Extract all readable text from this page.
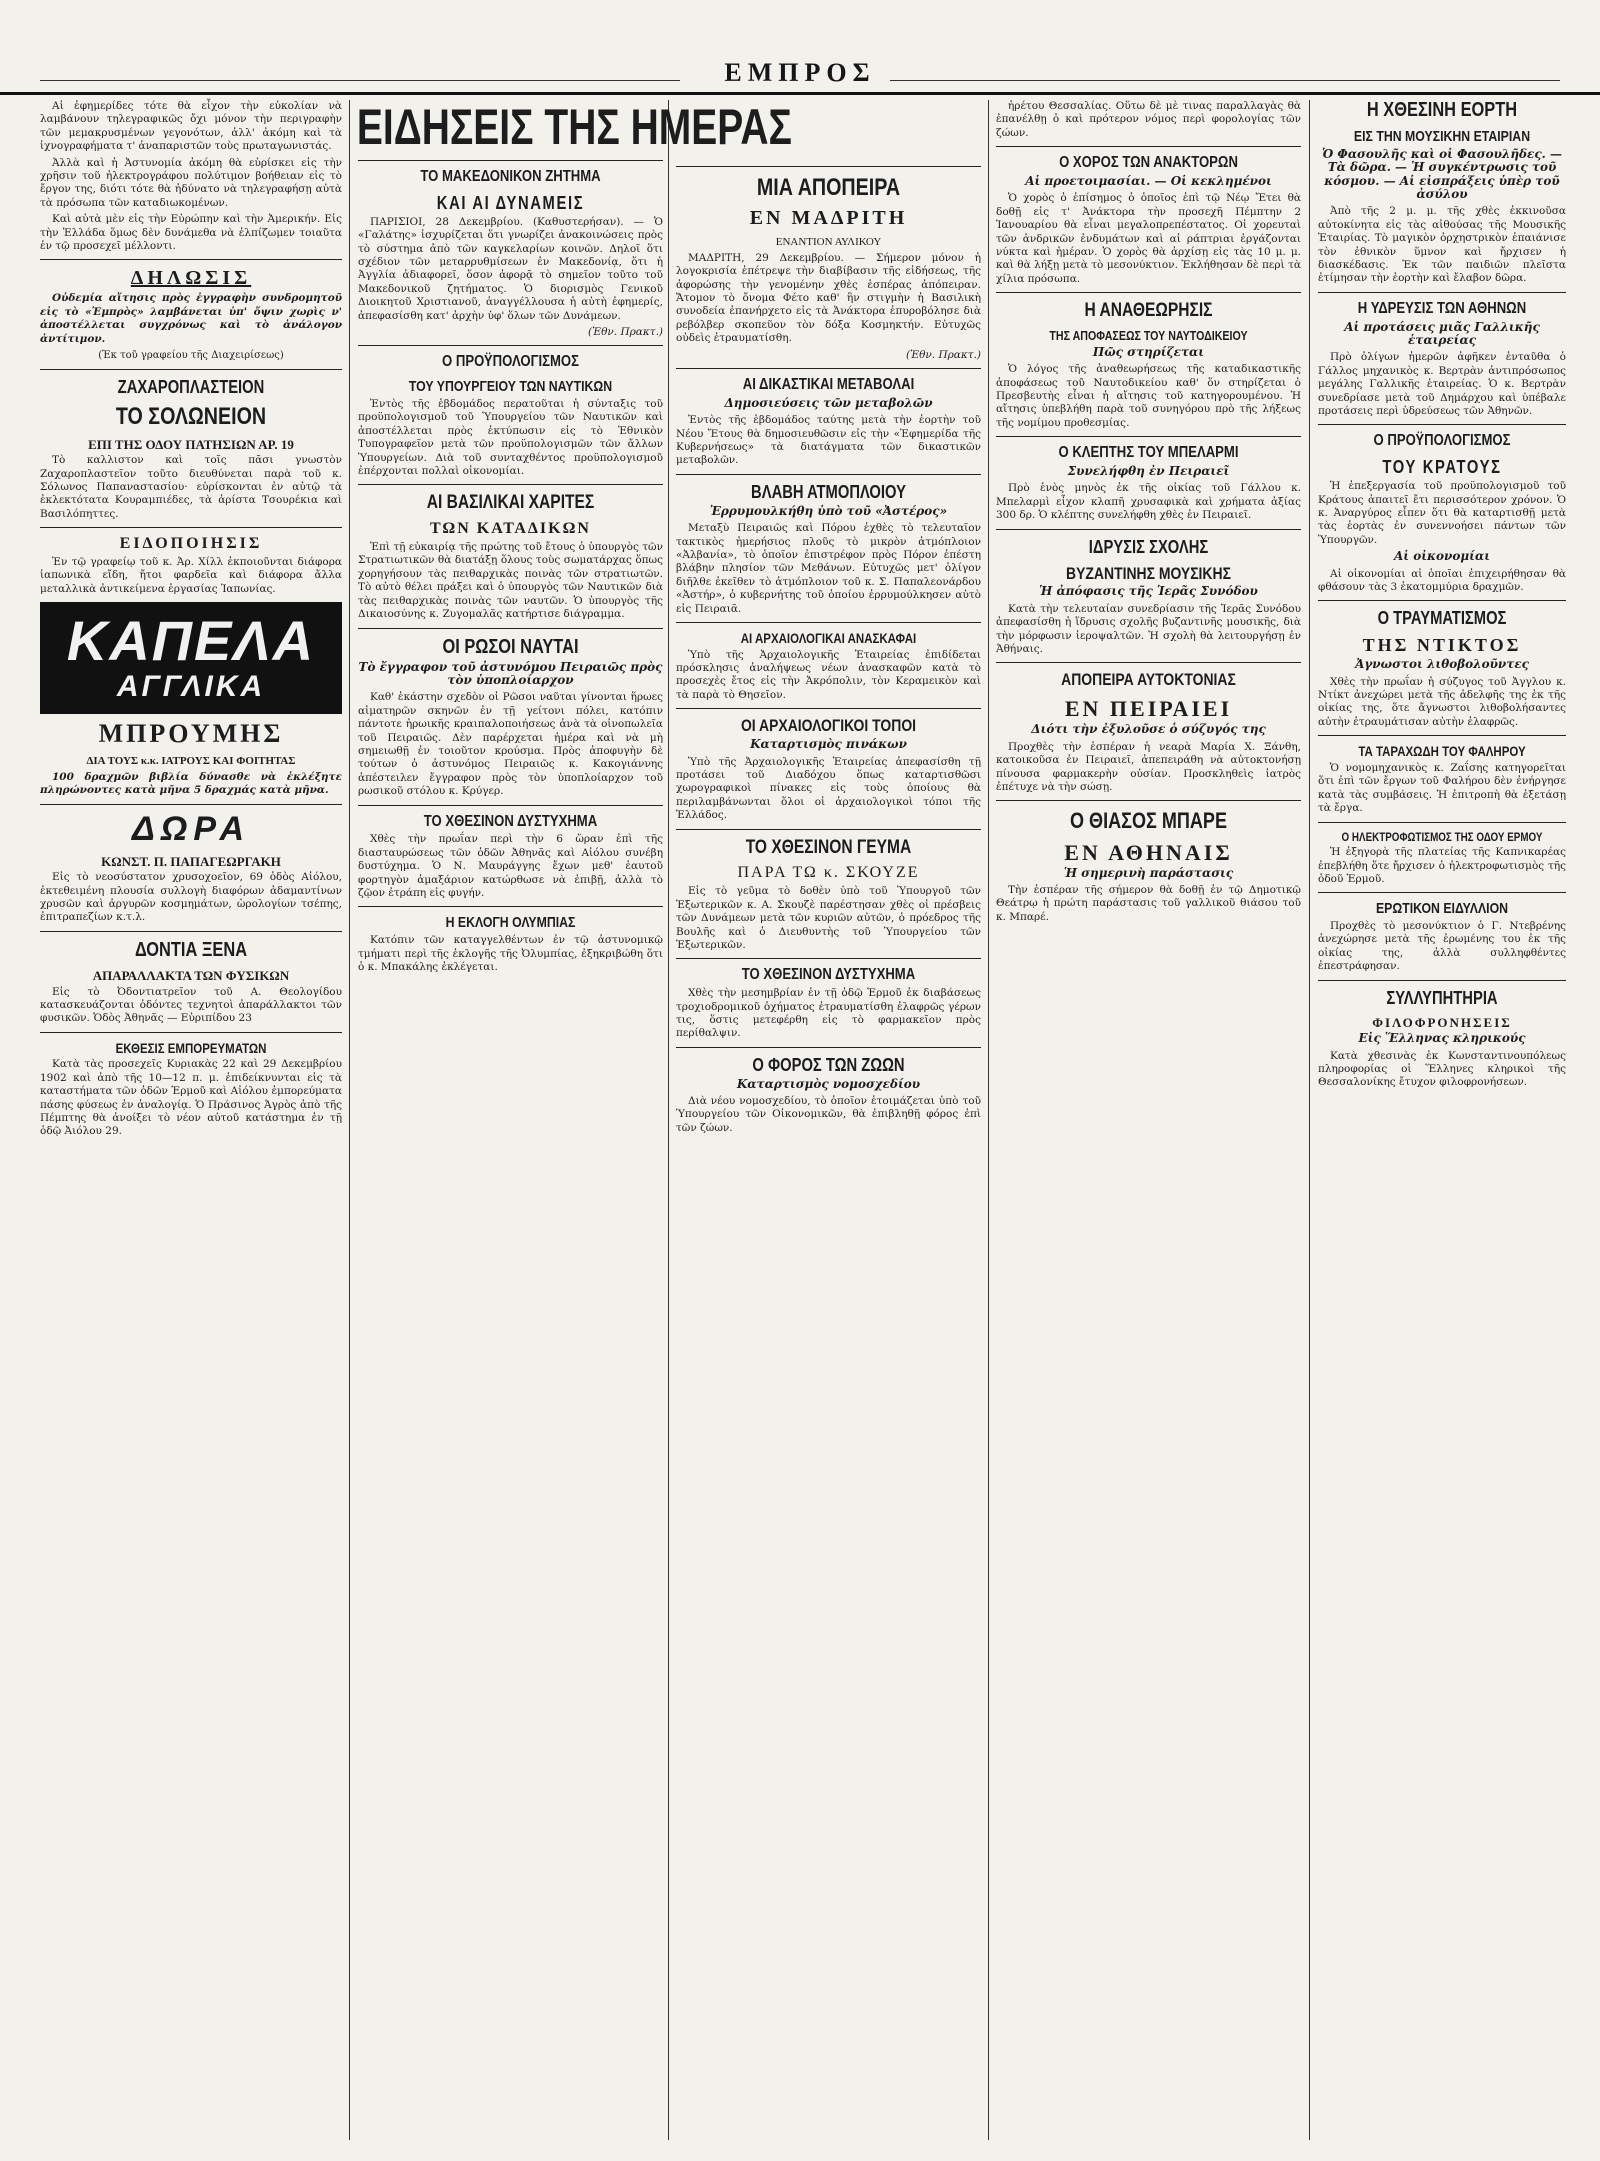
ΕΜΠΡΟΣ

Αἱ ἐφημερίδες τότε θὰ εἶχον τὴν εὐκολίαν νὰ λαμβάνουν τηλεγραφικῶς ὄχι μόνον τὴν περιγραφὴν τῶν μεμακρυσμένων γεγονότων, ἀλλ' ἀκόμη καὶ τὰ ἰχνογραφήματα τ' ἀναπαριστῶν τοὺς πρωταγωνιστάς.

Ἀλλὰ καὶ ἡ Ἀστυνομία ἀκόμη θὰ εὑρίσκει εἰς τὴν χρῆσιν τοῦ ἠλεκτρογράφου πολύτιμον βοήθειαν εἰς τὸ ἔργον της, διότι τότε θὰ ἠδύνατο νὰ τηλεγραφήσῃ αὐτὰ τὰ πρόσωπα τῶν καταδιωκομένων.

Καὶ αὐτὰ μὲν εἰς τὴν Εὐρώπην καὶ τὴν Ἀμερικήν. Εἰς τὴν Ἑλλάδα ὅμως δὲν δυνάμεθα νὰ ἐλπίζωμεν τοιαῦτα ἐν τῷ προσεχεῖ μέλλοντι.

ΔΗΛΩΣΙΣ

Οὐδεμία αἴτησις πρὸς ἐγγραφὴν συνδρομητοῦ εἰς τὸ «Ἐμπρὸς» λαμβάνεται ὑπ' ὄψιν χωρὶς ν' ἀποστέλλεται συγχρόνως καὶ τὸ ἀνάλογον ἀντίτιμον.

(Ἐκ τοῦ γραφείου τῆς Διαχειρίσεως)
ΖΑΧΑΡΟΠΛΑΣΤΕΙΟΝ
ΤΟ ΣΟΛΩΝΕΙΟΝ
ΕΠΙ ΤΗΣ ΟΔΟΥ ΠΑΤΗΣΙΩΝ ΑΡ. 19

Τὸ καλλιστον καὶ τοῖς πᾶσι γνωστὸν Ζαχαροπλαστεῖον τοῦτο διευθύνεται παρὰ τοῦ κ. Σόλωνος Παπαναστασίου· εὑρίσκονται ἐν αὐτῷ τὰ ἐκλεκτότατα Κουραμπιέδες, τὰ ἀρίστα Τσουρέκια καὶ Βασιλόπηττες.

ΕΙΔΟΠΟΙΗΣΙΣ

Ἐν τῷ γραφείῳ τοῦ κ. Ἀρ. Χίλλ ἐκποιοῦνται διάφορα ἰαπωνικὰ εἴδη, ἤτοι φαρδεῖα καὶ διάφορα ἄλλα μεταλλικὰ ἀντικείμενα ἐργασίας Ἰαπωνίας.

ΚΑΠΕΛΑ
ΑΓΓΛΙΚΑ
ΜΠΡΟΥΜΗΣ
ΔΙΑ ΤΟΥΣ κ.κ. ΙΑΤΡΟΥΣ ΚΑΙ ΦΟΙΤΗΤΑΣ

100 δραχμῶν βιβλία δύνασθε νὰ ἐκλέξητε πληρώνοντες κατὰ μῆνα 5 δραχμάς κατὰ μῆνα.

ΔΩΡΑ
ΚΩΝΣΤ. Π. ΠΑΠΑΓΕΩΡΓΑΚΗ

Εἰς τὸ νεοσύστατον χρυσοχοεῖον, 69 ὁδὸς Αἰόλου, ἐκτεθειμένη πλουσία συλλογὴ διαφόρων ἀδαμαντίνων χρυσῶν καὶ ἀργυρῶν κοσμημάτων, ὡρολογίων τσέπης, ἐπιτραπεζίων κ.τ.λ.

ΔΟΝΤΙΑ ΞΕΝΑ
ΑΠΑΡΑΛΛΑΚΤΑ ΤΩΝ ΦΥΣΙΚΩΝ

Εἰς τὸ Ὀδοντιατρεῖον τοῦ Α. Θεολογίδου κατασκευάζονται ὀδόντες τεχνητοὶ ἀπαράλλακτοι τῶν φυσικῶν. Ὁδὸς Ἀθηνᾶς — Εὐριπίδου 23

ΕΚΘΕΣΙΣ ΕΜΠΟΡΕΥΜΑΤΩΝ

Κατὰ τὰς προσεχεῖς Κυριακὰς 22 καὶ 29 Δεκεμβρίου 1902 καὶ ἀπὸ τῆς 10—12 π. μ. ἐπιδείκνυνται εἰς τὰ καταστήματα τῶν ὁδῶν Ἑρμοῦ καὶ Αἰόλου ἐμπορεύματα πάσης φύσεως ἐν ἀναλογίᾳ. Ὁ Πράσινος Ἀγρὸς ἀπὸ τῆς Πέμπτης θὰ ἀνοίξει τὸ νέον αὐτοῦ κατάστημα ἐν τῇ ὁδῷ Ἀιόλου 29.

ΕΙΔΗΣΕΙΣ ΤΗΣ ΗΜΕΡΑΣ
ΤΟ ΜΑΚΕΔΟΝΙΚΟΝ ΖΗΤΗΜΑ
ΚΑΙ ΑΙ ΔΥΝΑΜΕΙΣ

ΠΑΡΙΣΙΟΙ, 28 Δεκεμβρίου. (Καθυστερήσαν). — Ὁ «Γαλάτης» ἰσχυρίζεται ὅτι γνωρίζει ἀνακοινώσεις πρὸς τὸ σύστημα ἀπὸ τῶν καγκελαρίων κοινῶν. Δηλοῖ ὅτι σχέδιον τῶν μεταρρυθμίσεων ἐν Μακεδονίᾳ, ὅτι ἡ Ἀγγλία ἀδιαφορεῖ, ὅσον ἀφορᾷ τὸ σημεῖον τοῦτο τοῦ Μακεδονικοῦ ζητήματος. Ὁ διορισμὸς Γενικοῦ Διοικητοῦ Χριστιανοῦ, ἀναγγέλλουσα ἡ αὐτὴ ἐφημερίς, ἀπεφασίσθη κατ' ἀρχὴν ὑφ' ὅλων τῶν Δυνάμεων.

(Ἐθν. Πρακτ.)
Ο ΠΡΟΫΠΟΛΟΓΙΣΜΟΣ
ΤΟΥ ΥΠΟΥΡΓΕΙΟΥ ΤΩΝ ΝΑΥΤΙΚΩΝ

Ἐντὸς τῆς ἑβδομάδος περατοῦται ἡ σύνταξις τοῦ προϋπολογισμοῦ τοῦ Ὑπουργείου τῶν Ναυτικῶν καὶ ἀποστέλλεται πρὸς ἐκτύπωσιν εἰς τὸ Ἐθνικὸν Τυπογραφεῖον μετὰ τῶν προϋπολογισμῶν τῶν ἄλλων Ὑπουργείων. Διὰ τοῦ συνταχθέντος προϋπολογισμοῦ ἐπέρχονται πολλαὶ οἰκονομίαι.

ΑΙ ΒΑΣΙΛΙΚΑΙ ΧΑΡΙΤΕΣ
ΤΩΝ ΚΑΤΑΔΙΚΩΝ

Ἐπὶ τῇ εὐκαιρίᾳ τῆς πρώτης τοῦ ἔτους ὁ ὑπουργὸς τῶν Στρατιωτικῶν θὰ διατάξῃ ὅλους τοὺς σωματάρχας ὅπως χορηγήσουν τὰς πειθαρχικὰς ποινὰς τῶν στρατιωτῶν. Τὸ αὐτὸ θέλει πράξει καὶ ὁ ὑπουργὸς τῶν Ναυτικῶν διὰ τὰς πειθαρχικὰς ποινὰς τῶν ναυτῶν. Ὁ ὑπουργὸς τῆς Δικαιοσύνης κ. Ζυγομαλᾶς κατήρτισε διάγραμμα.

ΟΙ ΡΩΣΟΙ ΝΑΥΤΑΙ
Τὸ ἔγγραφον τοῦ ἀστυνόμου Πειραιῶς πρὸς τὸν ὑποπλοίαρχον

Καθ' ἑκάστην σχεδὸν οἱ Ρῶσοι ναῦται γίνονται ἥρωες αἱματηρῶν σκηνῶν ἐν τῇ γείτονι πόλει, κατόπιν πάντοτε ἡρωικῆς κραιπαλοποιήσεως ἀνὰ τὰ οἰνοπωλεῖα τοῦ Πειραιῶς. Δὲν παρέρχεται ἡμέρα καὶ νὰ μὴ σημειωθῇ ἐν τοιοῦτον κρούσμα. Πρὸς ἀποφυγὴν δὲ τούτων ὁ ἀστυνόμος Πειραιῶς κ. Κακογιάννης ἀπέστειλεν ἔγγραφον πρὸς τὸν ὑποπλοίαρχον τοῦ ρωσικοῦ στόλου κ. Κρύγερ.

ΤΟ ΧΘΕΣΙΝΟΝ ΔΥΣΤΥΧΗΜΑ

Χθὲς τὴν πρωΐαν περὶ τὴν 6 ὥραν ἐπὶ τῆς διασταυρώσεως τῶν ὁδῶν Ἀθηνᾶς καὶ Αἰόλου συνέβη δυστύχημα. Ὁ Ν. Μαυράγγης ἔχων μεθ' ἑαυτοῦ φορτηγὸν ἁμαξάριον κατώρθωσε νὰ ἐπιβῇ, ἀλλὰ τὸ ζῷον ἐτράπη εἰς φυγήν.

Η ΕΚΛΟΓΗ ΟΛΥΜΠΙΑΣ

Κατόπιν τῶν καταγγελθέντων ἐν τῷ ἀστυνομικῷ τμήματι περὶ τῆς ἐκλογῆς τῆς Ὀλυμπίας, ἐξηκριβώθη ὅτι ὁ κ. Μπακάλης ἐκλέγεται.

ΜΙΑ ΑΠΟΠΕΙΡΑ
ΕΝ ΜΑΔΡΙΤΗ
ΕΝΑΝΤΙΟΝ ΑΥΛΙΚΟΥ

ΜΑΔΡΙΤΗ, 29 Δεκεμβρίου. — Σήμερον μόνον ἡ λογοκρισία ἐπέτρεψε τὴν διαβίβασιν τῆς εἰδήσεως, τῆς ἀφορώσης τὴν γενομένην χθὲς ἑσπέρας ἀπόπειραν. Ἄτομον τὸ ὄνομα Φέτο καθ' ἣν στιγμὴν ἡ Βασιλικὴ συνοδεία ἐπανήρχετο εἰς τὰ Ἀνάκτορα ἐπυροβόλησε διὰ ρεβόλβερ σκοπεῦον τὸν δόξα Κοσμηκτήν. Εὐτυχῶς οὐδεὶς ἐτραυματίσθη.

(Ἐθν. Πρακτ.)
ΑΙ ΔΙΚΑΣΤΙΚΑΙ ΜΕΤΑΒΟΛΑΙ
Δημοσιεύσεις τῶν μεταβολῶν

Ἐντὸς τῆς ἑβδομάδος ταύτης μετὰ τὴν ἑορτὴν τοῦ Νέου Ἔτους θὰ δημοσιευθῶσιν εἰς τὴν «Ἐφημερίδα τῆς Κυβερνήσεως» τὰ διατάγματα τῶν δικαστικῶν μεταβολῶν.

ΒΛΑΒΗ ΑΤΜΟΠΛΟΙΟΥ
Ἐρρυμουλκήθη ὑπὸ τοῦ «Ἀστέρος»

Μεταξὺ Πειραιῶς καὶ Πόρου ἐχθὲς τὸ τελευταῖον τακτικὸς ἡμερήσιος πλοῦς τὸ μικρὸν ἀτμόπλοιον «Ἀλβανία», τὸ ὁποῖον ἐπιστρέφον πρὸς Πόρον ἐπέστη βλάβην πλησίον τῶν Μεθάνων. Εὐτυχῶς μετ' ὀλίγον διῆλθε ἐκεῖθεν τὸ ἀτμόπλοιον τοῦ κ. Σ. Παπαλεονάρδου «Ἀστήρ», ὁ κυβερνήτης τοῦ ὁποίου ἐρρυμούλκησεν αὐτὸ εἰς Πειραιᾶ.

ΑΙ ΑΡΧΑΙΟΛΟΓΙΚΑΙ ΑΝΑΣΚΑΦΑΙ

Ὑπὸ τῆς Ἀρχαιολογικῆς Ἑταιρείας ἐπιδίδεται πρόσκλησις ἀναλήψεως νέων ἀνασκαφῶν κατὰ τὸ προσεχὲς ἔτος εἰς τὴν Ἀκρόπολιν, τὸν Κεραμεικὸν καὶ τὰ παρὰ τὸ Θησεῖον.

ΟΙ ΑΡΧΑΙΟΛΟΓΙΚΟΙ ΤΟΠΟΙ
Καταρτισμὸς πινάκων

Ὑπὸ τῆς Ἀρχαιολογικῆς Ἑταιρείας ἀπεφασίσθη τῇ προτάσει τοῦ Διαδόχου ὅπως καταρτισθῶσι χωρογραφικοὶ πίνακες εἰς τοὺς ὁποίους θὰ περιλαμβάνωνται ὅλοι οἱ ἀρχαιολογικοὶ τόποι τῆς Ἑλλάδος.

ΤΟ ΧΘΕΣΙΝΟΝ ΓΕΥΜΑ
ΠΑΡΑ ΤΩ κ. ΣΚΟΥΖΕ

Εἰς τὸ γεῦμα τὸ δοθὲν ὑπὸ τοῦ Ὑπουργοῦ τῶν Ἐξωτερικῶν κ. Α. Σκουζὲ παρέστησαν χθὲς οἱ πρέσβεις τῶν Δυνάμεων μετὰ τῶν κυριῶν αὐτῶν, ὁ πρόεδρος τῆς Βουλῆς καὶ ὁ Διευθυντὴς τοῦ Ὑπουργείου τῶν Ἐξωτερικῶν.

ΤΟ ΧΘΕΣΙΝΟΝ ΔΥΣΤΥΧΗΜΑ

Χθὲς τὴν μεσημβρίαν ἐν τῇ ὁδῷ Ἑρμοῦ ἐκ διαβάσεως τροχιοδρομικοῦ ὀχήματος ἐτραυματίσθη ἐλαφρῶς γέρων τις, ὅστις μετεφέρθη εἰς τὸ φαρμακεῖον πρὸς περίθαλψιν.

Ο ΦΟΡΟΣ ΤΩΝ ΖΩΩΝ
Καταρτισμὸς νομοσχεδίου

Διὰ νέου νομοσχεδίου, τὸ ὁποῖον ἑτοιμάζεται ὑπὸ τοῦ Ὑπουργείου τῶν Οἰκονομικῶν, θὰ ἐπιβληθῇ φόρος ἐπὶ τῶν ζώων.

ἡρέτου Θεσσαλίας. Οὕτω δὲ μὲ τινας παραλλαγὰς θὰ ἐπανέλθῃ ὁ καὶ πρότερον νόμος περὶ φορολογίας τῶν ζώων.

Ο ΧΟΡΟΣ ΤΩΝ ΑΝΑΚΤΟΡΩΝ
Αἱ προετοιμασίαι. — Οἱ κεκλημένοι

Ὁ χορὸς ὁ ἐπίσημος ὁ ὁποῖος ἐπὶ τῷ Νέῳ Ἔτει θὰ δοθῇ εἰς τ' Ἀνάκτορα τὴν προσεχῆ Πέμπτην 2 Ἰανουαρίου θὰ εἶναι μεγαλοπρεπέστατος. Οἱ χορευταὶ τῶν ἀνδρικῶν ἐνδυμάτων καὶ αἱ ράπτριαι ἐργάζονται νύκτα καὶ ἡμέραν. Ὁ χορὸς θὰ ἀρχίσῃ εἰς τὰς 10 μ. μ. καὶ θὰ λήξῃ μετὰ τὸ μεσονύκτιον. Ἐκλήθησαν δὲ περὶ τὰ χίλια πρόσωπα.

Η ΑΝΑΘΕΩΡΗΣΙΣ
ΤΗΣ ΑΠΟΦΑΣΕΩΣ ΤΟΥ ΝΑΥΤΟΔΙΚΕΙΟΥ
Πῶς στηρίζεται

Ὁ λόγος τῆς ἀναθεωρήσεως τῆς καταδικαστικῆς ἀποφάσεως τοῦ Ναυτοδικείου καθ' ὅν στηρίζεται ὁ Πρεσβευτὴς εἶναι ἡ αἴτησις τοῦ κατηγορουμένου. Ἡ αἴτησις ὑπεβλήθη παρὰ τοῦ συνηγόρου πρὸ τῆς λήξεως τῆς νομίμου προθεσμίας.

Ο ΚΛΕΠΤΗΣ ΤΟΥ ΜΠΕΛΑΡΜΙ
Συνελήφθη ἐν Πειραιεῖ

Πρὸ ἑνὸς μηνὸς ἐκ τῆς οἰκίας τοῦ Γάλλου κ. Μπελαρμὶ εἶχον κλαπῆ χρυσαφικὰ καὶ χρήματα ἀξίας 300 δρ. Ὁ κλέπτης συνελήφθη χθὲς ἐν Πειραιεῖ.

ΙΔΡΥΣΙΣ ΣΧΟΛΗΣ
ΒΥΖΑΝΤΙΝΗΣ ΜΟΥΣΙΚΗΣ
Ἡ ἀπόφασις τῆς Ἱερᾶς Συνόδου

Κατὰ τὴν τελευταίαν συνεδρίασιν τῆς Ἱερᾶς Συνόδου ἀπεφασίσθη ἡ ἵδρυσις σχολῆς βυζαντινῆς μουσικῆς, διὰ τὴν μόρφωσιν ἱεροψαλτῶν. Ἡ σχολὴ θὰ λειτουργήσῃ ἐν Ἀθήναις.

ΑΠΟΠΕΙΡΑ ΑΥΤΟΚΤΟΝΙΑΣ
ΕΝ ΠΕΙΡΑΙΕΙ
Διότι τὴν ἐξυλοῦσε ὁ σύζυγός της

Προχθὲς τὴν ἑσπέραν ἡ νεαρὰ Μαρία Χ. Ξάνθη, κατοικοῦσα ἐν Πειραιεῖ, ἀπεπειράθη νὰ αὐτοκτονήσῃ πίνουσα φαρμακερὴν οὐσίαν. Προσκληθεὶς ἰατρὸς ἐπέτυχε νὰ τὴν σώσῃ.

Ο ΘΙΑΣΟΣ ΜΠΑΡΕ
ΕΝ ΑΘΗΝΑΙΣ
Ἡ σημερινὴ παράστασις

Τὴν ἑσπέραν τῆς σήμερον θὰ δοθῇ ἐν τῷ Δημοτικῷ Θεάτρῳ ἡ πρώτη παράστασις τοῦ γαλλικοῦ θιάσου τοῦ κ. Μπαρέ.

Η ΧΘΕΣΙΝΗ ΕΟΡΤΗ
ΕΙΣ ΤΗΝ ΜΟΥΣΙΚΗΝ ΕΤΑΙΡΙΑΝ
Ὁ Φασουλῆς καὶ οἱ Φασουλῆδες. — Τὰ δῶρα. — Ἡ συγκέντρωσις τοῦ κόσμου. — Αἱ εἰσπράξεις ὑπὲρ τοῦ ἀσύλου

Ἀπὸ τῆς 2 μ. μ. τῆς χθὲς ἐκκινοῦσα αὐτοκίνητα εἰς τὰς αἰθούσας τῆς Μουσικῆς Ἑταιρίας. Τὸ μαγικὸν ὀρχηστρικὸν ἐπαιάνισε τὸν ἐθνικὸν ὕμνον καὶ ἤρχισεν ἡ διασκέδασις. Ἐκ τῶν παιδιῶν πλεῖστα ἐτίμησαν τὴν ἑορτὴν καὶ ἔλαβον δῶρα.

Η ΥΔΡΕΥΣΙΣ ΤΩΝ ΑΘΗΝΩΝ
Αἱ προτάσεις μιᾶς Γαλλικῆς ἑταιρείας

Πρὸ ὀλίγων ἡμερῶν ἀφῆκεν ἐνταῦθα ὁ Γάλλος μηχανικὸς κ. Βερτρὰν ἀντιπρόσωπος μεγάλης Γαλλικῆς ἑταιρείας. Ὁ κ. Βερτρὰν συνεδρίασε μετὰ τοῦ Δημάρχου καὶ ὑπέβαλε προτάσεις περὶ ὑδρεύσεως τῶν Ἀθηνῶν.

Ο ΠΡΟΫΠΟΛΟΓΙΣΜΟΣ
ΤΟΥ ΚΡΑΤΟΥΣ

Ἡ ἐπεξεργασία τοῦ προϋπολογισμοῦ τοῦ Κράτους ἀπαιτεῖ ἔτι περισσότερον χρόνον. Ὁ κ. Ἀναργύρος εἶπεν ὅτι θὰ καταρτισθῇ μετὰ τὰς ἑορτὰς ἐν συνεννοήσει πάντων τῶν Ὑπουργῶν.

Αἱ οἰκονομίαι

Αἱ οἰκονομίαι αἱ ὁποῖαι ἐπιχειρήθησαν θὰ φθάσουν τὰς 3 ἑκατομμύρια δραχμῶν.

Ο ΤΡΑΥΜΑΤΙΣΜΟΣ
ΤΗΣ ΝΤΙΚΤΟΣ
Ἀγνωστοι λιθοβολοῦντες

Χθὲς τὴν πρωΐαν ἡ σύζυγος τοῦ Ἀγγλου κ. Ντίκτ ἀνεχώρει μετὰ τῆς ἀδελφῆς της ἐκ τῆς οἰκίας της, ὅτε ἄγνωστοι λιθοβολήσαντες αὐτὴν ἐτραυμάτισαν αὐτὴν ἐλαφρῶς.

ΤΑ ΤΑΡΑΧΩΔΗ ΤΟΥ ΦΑΛΗΡΟΥ

Ὁ νομομηχανικὸς κ. Ζαΐσης κατηγορεῖται ὅτι ἐπὶ τῶν ἔργων τοῦ Φαλήρου δὲν ἐνήργησε κατὰ τὰς συμβάσεις. Ἡ ἐπιτροπὴ θὰ ἐξετάσῃ τὰ ἔργα.

Ο ΗΛΕΚΤΡΟΦΩΤΙΣΜΟΣ ΤΗΣ ΟΔΟΥ ΕΡΜΟΥ

Ἡ ἐξηγορὰ τῆς πλατείας τῆς Καπνικαρέας ἐπεβλήθη ὅτε ἤρχισεν ὁ ἠλεκτροφωτισμὸς τῆς ὁδοῦ Ἑρμοῦ.

ΕΡΩΤΙΚΟΝ ΕΙΔΥΛΛΙΟΝ

Προχθὲς τὸ μεσονύκτιον ὁ Γ. Ντεβρένης ἀνεχώρησε μετὰ τῆς ἐρωμένης του ἐκ τῆς οἰκίας της, ἀλλὰ συλληφθέντες ἐπεστράφησαν.

ΣΥΛΛΥΠΗΤΗΡΙΑ
ΦΙΛΟΦΡΟΝΗΣΕΙΣ
Εἰς Ἕλληνας κληρικούς

Κατὰ χθεσινὰς ἐκ Κωνσταντινουπόλεως πληροφορίας οἱ Ἕλληνες κληρικοὶ τῆς Θεσσαλονίκης ἔτυχον φιλοφρονήσεων.
